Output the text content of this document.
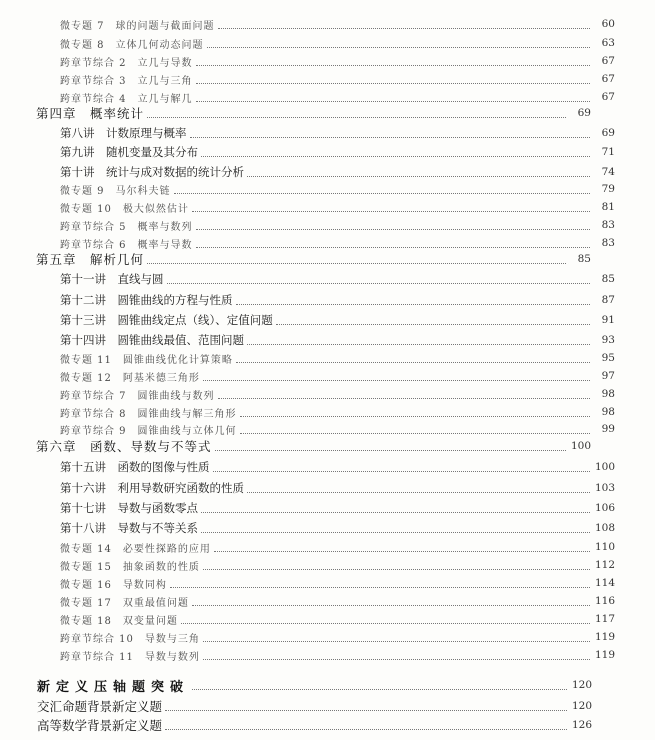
微专题 7　球的问题与截面问题	60
微专题 8　立体几何动态问题	63
跨章节综合 2　立几与导数	67
跨章节综合 3　立几与三角	67
跨章节综合 4　立几与解几	67
第四章　概率统计	69
第八讲　计数原理与概率	69
第九讲　随机变量及其分布	71
第十讲　统计与成对数据的统计分析	74
微专题 9　马尔科夫链	79
微专题 10　极大似然估计	81
跨章节综合 5　概率与数列	83
跨章节综合 6　概率与导数	83
第五章　解析几何	85
第十一讲　直线与圆	85
第十二讲　圆锥曲线的方程与性质	87
第十三讲　圆锥曲线定点（线）、定值问题	91
第十四讲　圆锥曲线最值、范围问题	93
微专题 11　圆锥曲线优化计算策略	95
微专题 12　阿基米德三角形	97
跨章节综合 7　圆锥曲线与数列	98
跨章节综合 8　圆锥曲线与解三角形	98
跨章节综合 9　圆锥曲线与立体几何	99
第六章　函数、导数与不等式	100
第十五讲　函数的图像与性质	100
第十六讲　利用导数研究函数的性质	103
第十七讲　导数与函数零点	106
第十八讲　导数与不等关系	108
微专题 14　必要性探路的应用	110
微专题 15　抽象函数的性质	112
微专题 16　导数同构	114
微专题 17　双重最值问题	116
微专题 18　双变量问题	117
跨章节综合 10　导数与三角	119
跨章节综合 11　导数与数列	119
新定义压轴题突破	120
交汇命题背景新定义题	120
高等数学背景新定义题	126
